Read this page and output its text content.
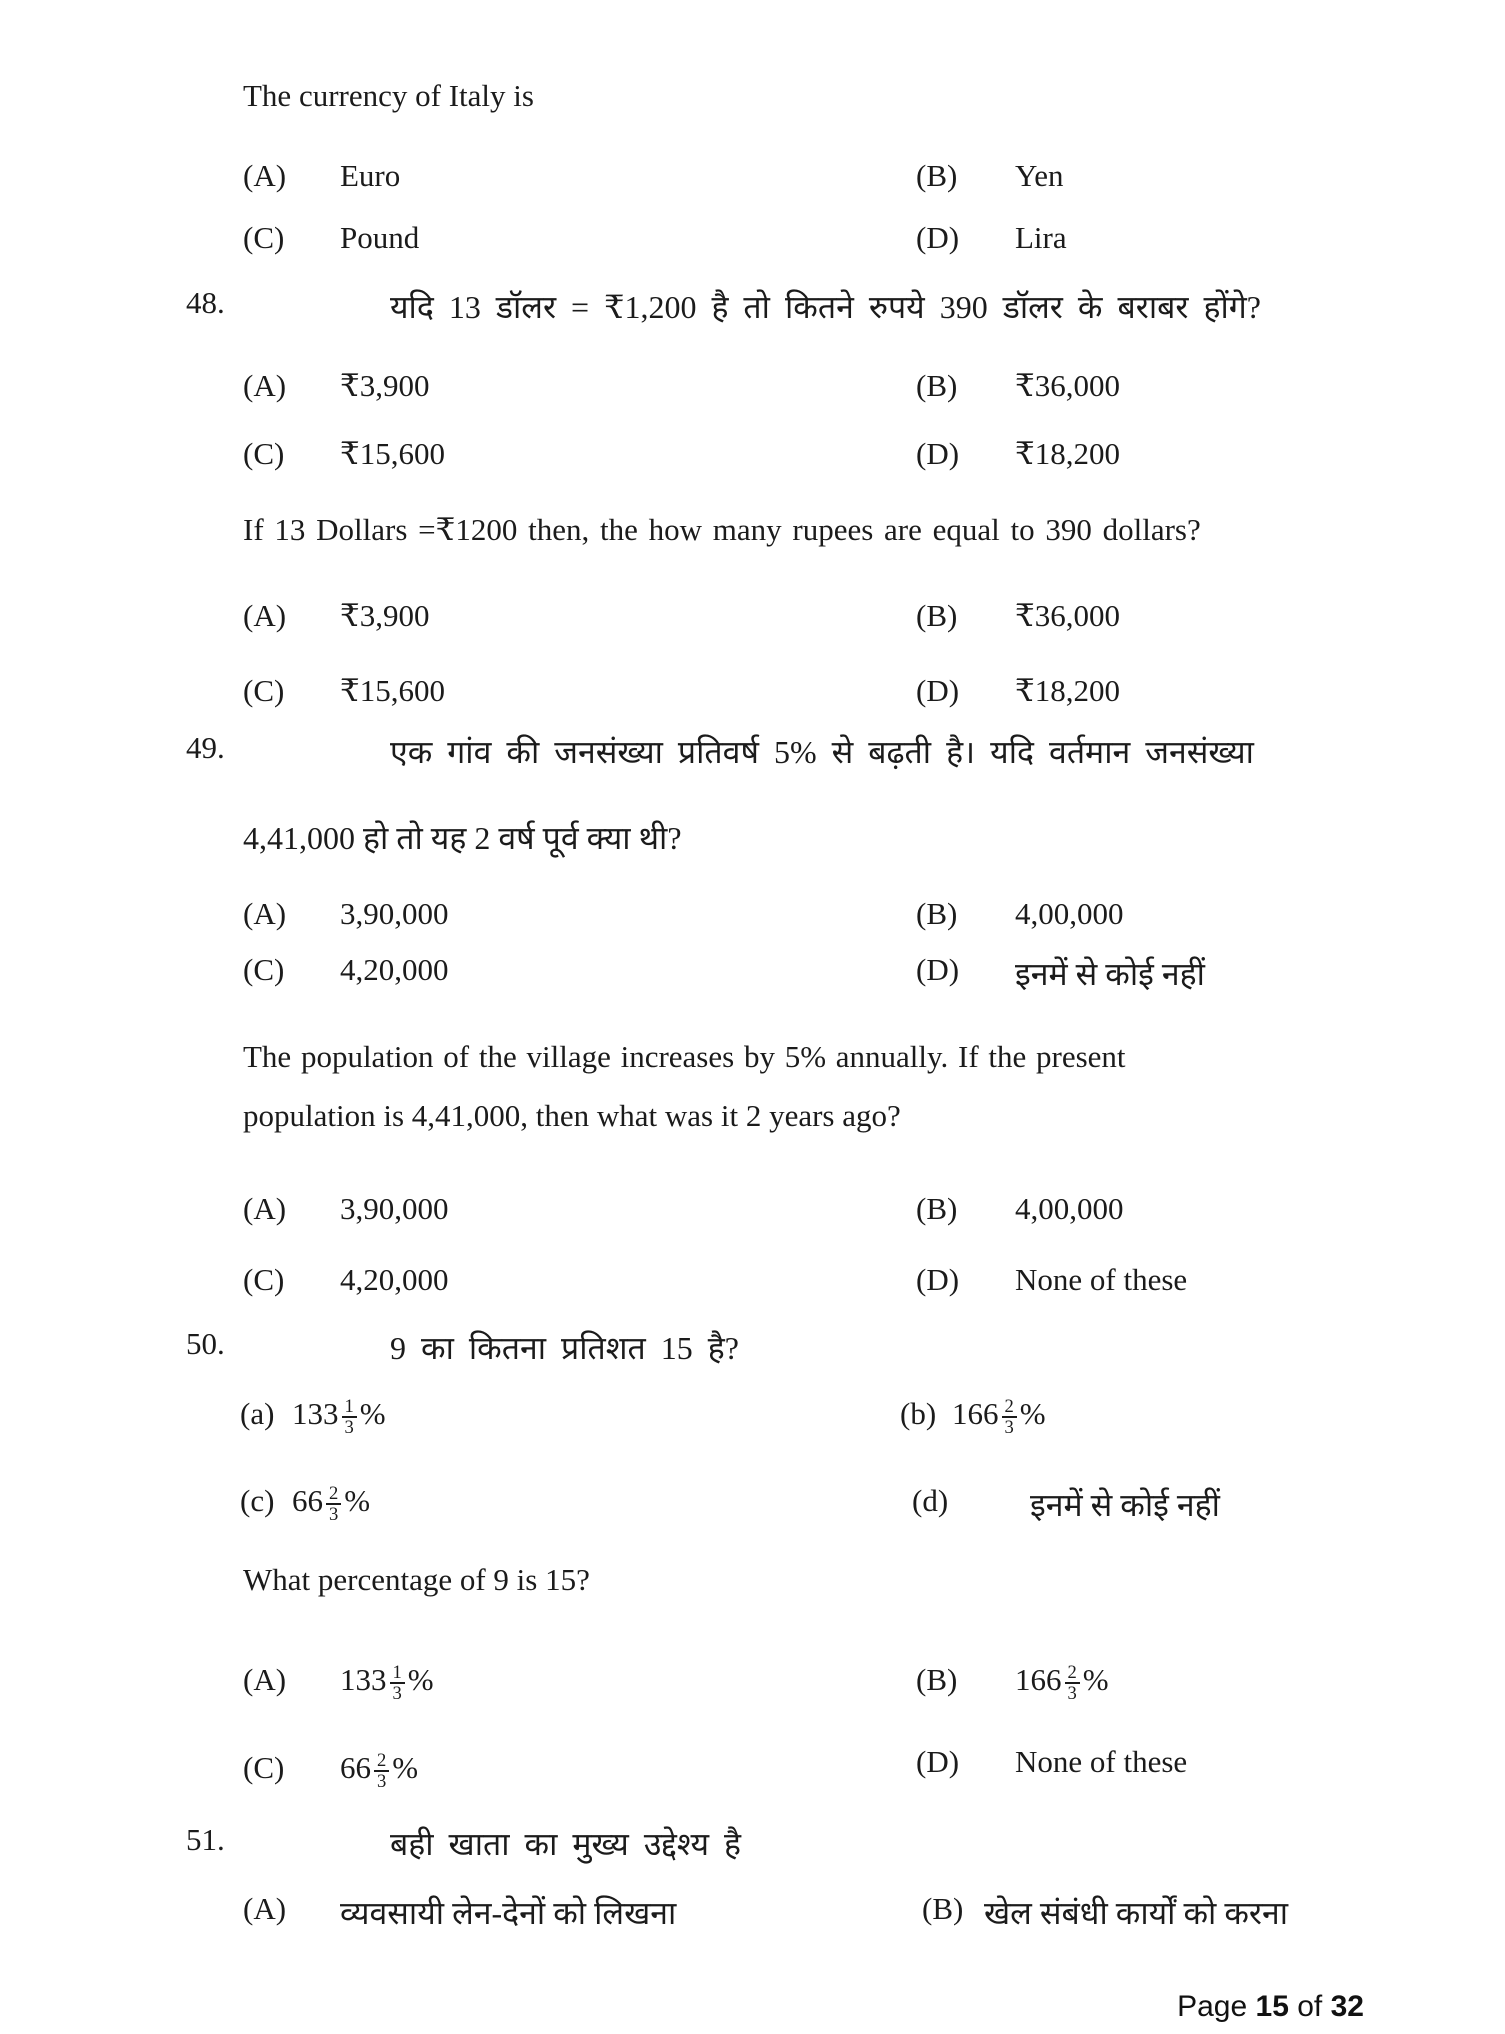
The currency of Italy is
(A) Euro	(B) Yen
(C) Pound	(D) Lira
48.	यदि 13 डॉलर = ₹1,200 है तो कितने रुपये 390 डॉलर के बराबर होंगे?
(A) ₹3,900	(B) ₹36,000
(C) ₹15,600	(D) ₹18,200
If 13 Dollars =₹1200 then, the how many rupees are equal to 390 dollars?
(A) ₹3,900	(B) ₹36,000
(C) ₹15,600	(D) ₹18,200
49.	एक गांव की जनसंख्या प्रतिवर्ष 5% से बढ़ती है। यदि वर्तमान जनसंख्या
4,41,000 हो तो यह 2 वर्ष पूर्व क्या थी?
(A) 3,90,000	(B) 4,00,000
(C) 4,20,000	(D) इनमें से कोई नहीं
The population of the village increases by 5% annually. If the present
population is 4,41,000, then what was it 2 years ago?
(A) 3,90,000	(B) 4,00,000
(C) 4,20,000	(D) None of these
50.	9 का कितना प्रतिशत 15 है?
(a) $133 \frac{1}{3}$ %	(b) $166 \frac{2}{3}$ %
(c) $66 \frac{2}{3}$ %	(d)	इनमें से कोई नहीं
What percentage of 9 is 15?
(A) $133 \frac{1}{3}$ %	(B) $166 \frac{2}{3}$ %
(C) $66 \frac{2}{3}$ %	(D) None of these
51.	बही खाता का मुख्य उद्देश्य है
(A) व्यवसायी लेन-देनों को लिखना	(B) खेल संबंधी कार्यों को करना
Page 15 of 32
